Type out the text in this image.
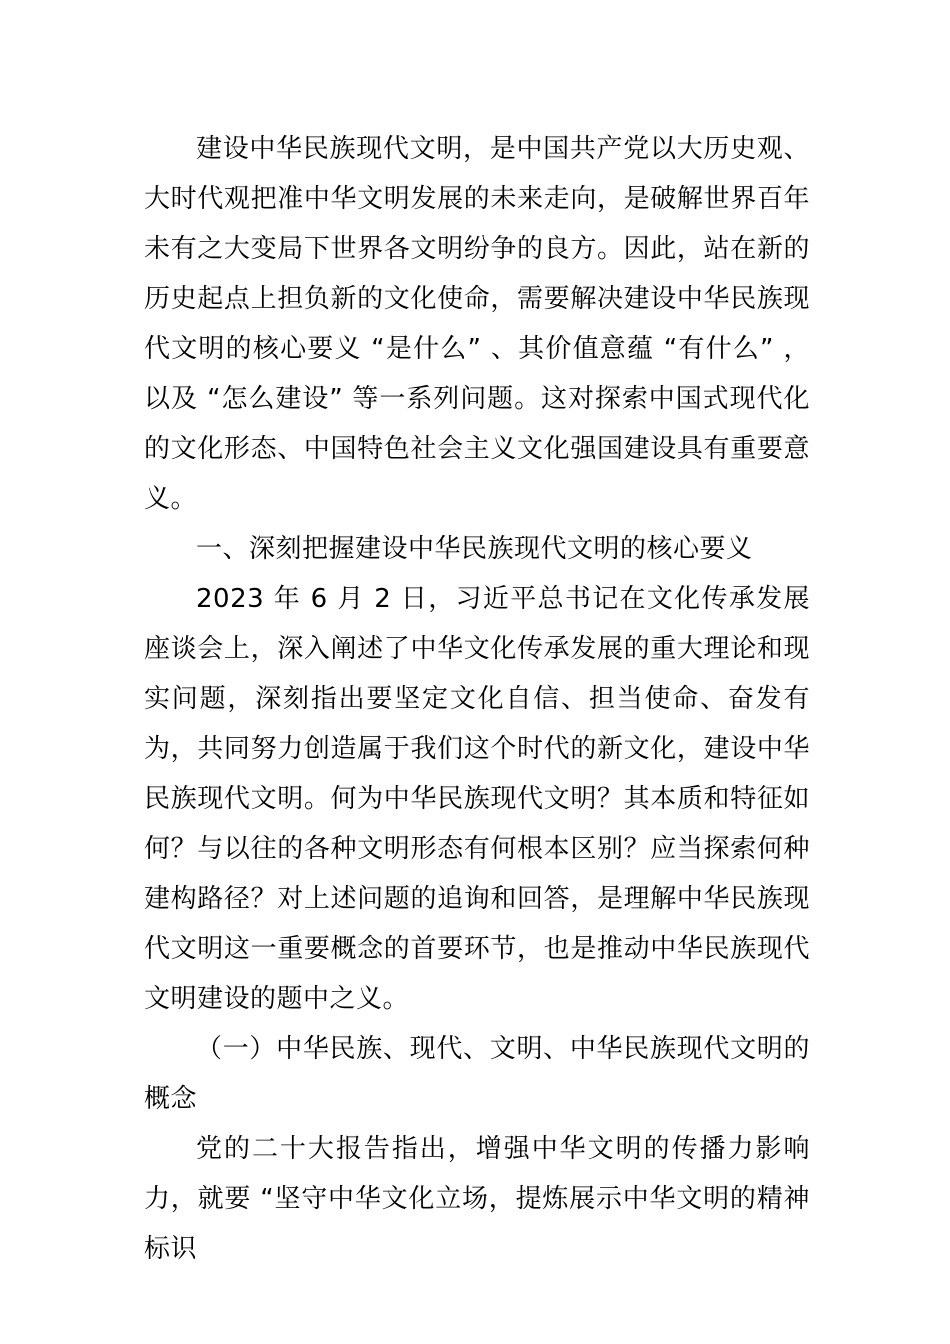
建设中华民族现代文明，是中国共产党以大历史观、大时代观把准中华文明发展的未来走向，是破解世界百年未有之大变局下世界各文明纷争的良方。因此，站在新的历史起点上担负新的文化使命，需要解决建设中华民族现代文明的核心要义 “是什么” 、其价值意蕴 “有什么” ，以及 “怎么建设” 等一系列问题。这对探索中国式现代化的文化形态、中国特色社会主义文化强国建设具有重要意义。

一、深刻把握建设中华民族现代文明的核心要义

2023 年 6 月 2 日，习近平总书记在文化传承发展座谈会上，深入阐述了中华文化传承发展的重大理论和现实问题，深刻指出要坚定文化自信、担当使命、奋发有为，共同努力创造属于我们这个时代的新文化，建设中华民族现代文明。何为中华民族现代文明？其本质和特征如何？与以往的各种文明形态有何根本区别？应当探索何种建构路径？对上述问题的追询和回答，是理解中华民族现代文明这一重要概念的首要环节，也是推动中华民族现代文明建设的题中之义。

（一）中华民族、现代、文明、中华民族现代文明的概念

党的二十大报告指出，增强中华文明的传播力影响力，就要 “坚守中华文化立场，提炼展示中华文明的精神标识
